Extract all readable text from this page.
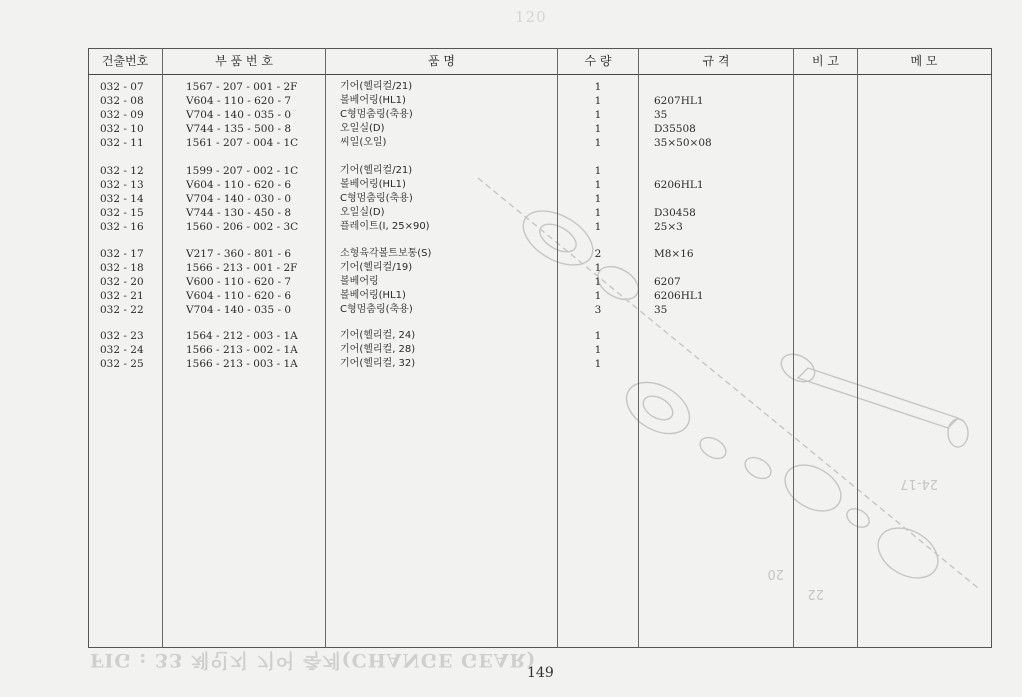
120
24-17
20
22
건출번호	부 품 번 호	품 명	수 량	규 격	비 고	메 모
032 - 07	1567 - 207 - 001 - 2F	기어(헬리컬/21)	1
032 - 08	V604 - 110 - 620 - 7	볼베어링(HL1)	1	6207HL1
032 - 09	V704 - 140 - 035 - 0	C형멈춤링(축용)	1	35
032 - 10	V744 - 135 - 500 - 8	오일실(D)	1	D35508
032 - 11	1561 - 207 - 004 - 1C	씨일(오일)	1	35×50×08
032 - 12	1599 - 207 - 002 - 1C	기어(헬리컬/21)	1
032 - 13	V604 - 110 - 620 - 6	볼베어링(HL1)	1	6206HL1
032 - 14	V704 - 140 - 030 - 0	C형멈춤링(축용)	1
032 - 15	V744 - 130 - 450 - 8	오일실(D)	1	D30458
032 - 16	1560 - 206 - 002 - 3C	플레이트(I, 25×90)	1	25×3
032 - 17	V217 - 360 - 801 - 6	소형육각볼트보통(S)	2	M8×16
032 - 18	1566 - 213 - 001 - 2F	기어(헬리컬/19)	1
032 - 20	V600 - 110 - 620 - 7	볼베어링	1	6207
032 - 21	V604 - 110 - 620 - 6	볼베어링(HL1)	1	6206HL1
032 - 22	V704 - 140 - 035 - 0	C형멈춤링(축용)	3	35
032 - 23	1564 - 212 - 003 - 1A	기어(헬리컬, 24)	1
032 - 24	1566 - 213 - 002 - 1A	기어(헬리컬, 28)	1
032 - 25	1566 - 213 - 003 - 1A	기어(헬리컬, 32)	1
149
FIG : 33 체인지 기어 축계(CHANGE GEAR)
